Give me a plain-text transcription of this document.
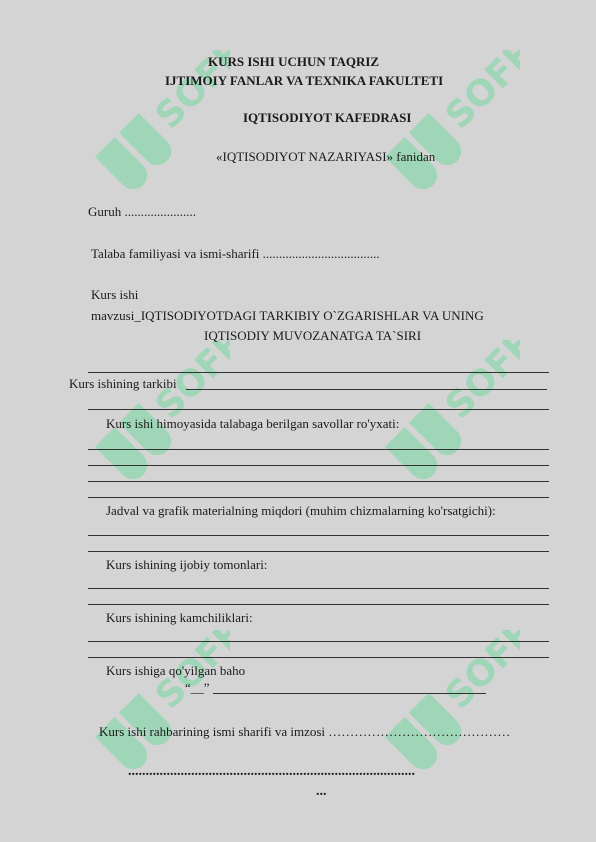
SOFF	SOFF
SOFF	SOFF
SOFF	SOFF
KURS ISHI UCHUN TAQRIZ
IJTIMOIY FANLAR VA TEXNIKA FAKULTETI
IQTISODIYOT KAFEDRASI
«IQTISODIYOT NAZARIYASI» fanidan
Guruh ......................
Talaba familiyasi va ismi-sharifi ....................................
Kurs ishi
mavzusi_IQTISODIYOTDAGI TARKIBIY O`ZGARISHLAR VA UNING
IQTISODIY MUVOZANATGA TA`SIRI
Kurs ishining tarkibi
Kurs ishi himoyasida talabaga berilgan savollar ro'yxati:
Jadval va grafik materialning miqdori (muhim chizmalarning ko'rsatgichi):
Kurs ishining ijobiy tomonlari:
Kurs ishining kamchiliklari:
Kurs ishiga qo'yilgan baho
“__”
Kurs ishi rahbarining ismi sharifi va imzosi ……………………………………
..................................................................................
...
